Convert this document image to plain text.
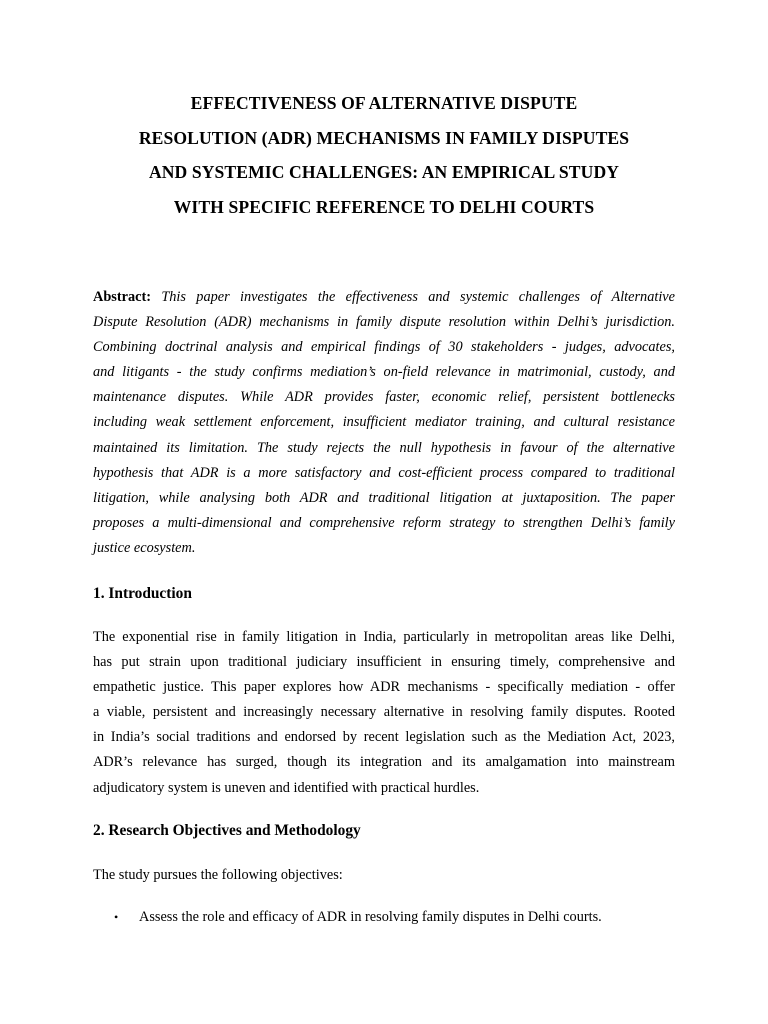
EFFECTIVENESS OF ALTERNATIVE DISPUTE
RESOLUTION (ADR) MECHANISMS IN FAMILY DISPUTES
AND SYSTEMIC CHALLENGES: AN EMPIRICAL STUDY
WITH SPECIFIC REFERENCE TO DELHI COURTS
Abstract: This paper investigates the effectiveness and systemic challenges of Alternative
Dispute Resolution (ADR) mechanisms in family dispute resolution within Delhi’s jurisdiction.
Combining doctrinal analysis and empirical findings of 30 stakeholders - judges, advocates,
and litigants - the study confirms mediation’s on-field relevance in matrimonial, custody, and
maintenance disputes. While ADR provides faster, economic relief, persistent bottlenecks
including weak settlement enforcement, insufficient mediator training, and cultural resistance
maintained its limitation. The study rejects the null hypothesis in favour of the alternative
hypothesis that ADR is a more satisfactory and cost-efficient process compared to traditional
litigation, while analysing both ADR and traditional litigation at juxtaposition. The paper
proposes a multi-dimensional and comprehensive reform strategy to strengthen Delhi’s family
justice ecosystem.
1. Introduction
The exponential rise in family litigation in India, particularly in metropolitan areas like Delhi,
has put strain upon traditional judiciary insufficient in ensuring timely, comprehensive and
empathetic justice. This paper explores how ADR mechanisms - specifically mediation - offer
a viable, persistent and increasingly necessary alternative in resolving family disputes. Rooted
in India’s social traditions and endorsed by recent legislation such as the Mediation Act, 2023,
ADR’s relevance has surged, though its integration and its amalgamation into mainstream
adjudicatory system is uneven and identified with practical hurdles.
2. Research Objectives and Methodology
The study pursues the following objectives:
• Assess the role and efficacy of ADR in resolving family disputes in Delhi courts.
